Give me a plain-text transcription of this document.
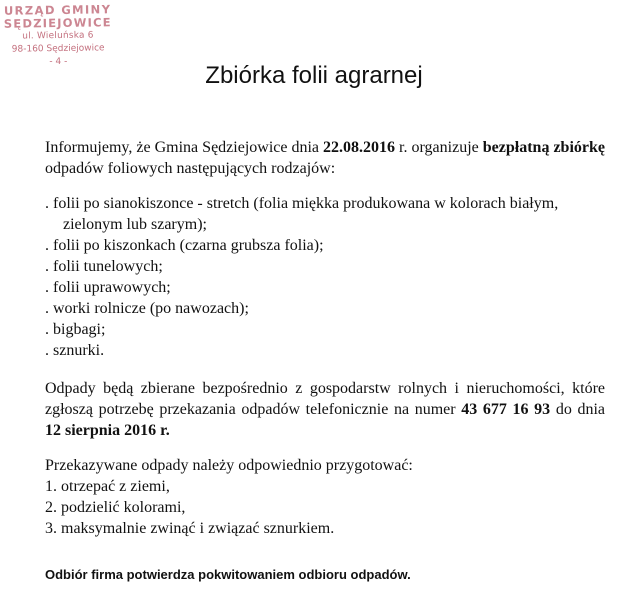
URZĄD GMINY
SĘDZIEJOWICE
ul. Wieluńska 6
98-160 Sędziejowice
- 4 -
Zbiórka folii agrarnej
Informujemy, że Gmina Sędziejowice dnia 22.08.2016 r. organizuje bezpłatną zbiórkę odpadów foliowych następujących rodzajów:
. folii po sianokiszonce - stretch (folia miękka produkowana w kolorach białym,
zielonym lub szarym);
. folii po kiszonkach (czarna grubsza folia);
. folii tunelowych;
. folii uprawowych;
. worki rolnicze (po nawozach);
. bigbagi;
. sznurki.
Odpady będą zbierane bezpośrednio z gospodarstw rolnych i nieruchomości, które zgłoszą potrzebę przekazania odpadów telefonicznie na numer 43 677 16 93 do dnia 12 sierpnia 2016 r.
Przekazywane odpady należy odpowiednio przygotować:
1. otrzepać z ziemi,
2. podzielić kolorami,
3. maksymalnie zwinąć i związać sznurkiem.
Odbiór firma potwierdza pokwitowaniem odbioru odpadów.
